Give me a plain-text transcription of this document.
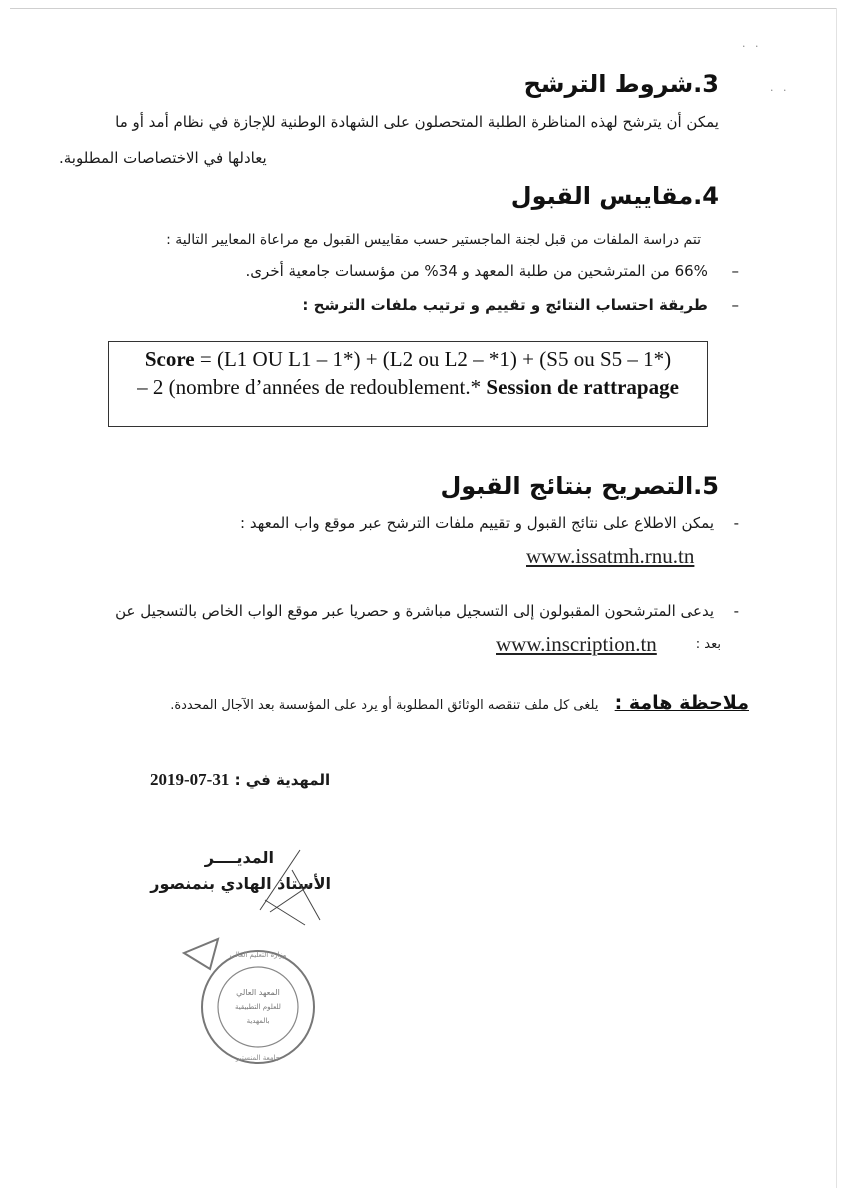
· ·
· ·
3.شروط الترشح
يمكن أن يترشح لهذه المناظرة الطلبة المتحصلون على الشهادة الوطنية للإجازة في نظام أمد أو ما
يعادلها في الاختصاصات المطلوبة.
4.مقاييس القبول
تتم دراسة الملفات من قبل لجنة الماجستير حسب مقاييس القبول مع مراعاة المعايير التالية :
–  66% من المترشحين من طلبة المعهد و 34% من مؤسسات جامعية أخرى.
–  طريقة احتساب النتائج و تقييم و ترتيب ملفات الترشح :
Score = (L1 OU L1 – 1*) + (L2 ou L2 – *1) + (S5 ou S5 – 1*)
– 2 (nombre d’années de redoublement.* Session de rattrapage
5.التصريح بنتائج القبول
-  يمكن الاطلاع على نتائج القبول و تقييم ملفات الترشح عبر موقع واب المعهد :
www.issatmh.rnu.tn
-  يدعى المترشحون المقبولون إلى التسجيل مباشرة و حصريا عبر موقع الواب الخاص بالتسجيل عن
بعد :
www.inscription.tn
ملاحظة هامة :  يلغى كل ملف تنقصه الوثائق المطلوبة أو يرد على المؤسسة بعد الآجال المحددة.
المهدية في : 2019-07-31
المديــــر
الأستاذ الهادي بنمنصور
المعهد العالي
للعلوم التطبيقية
بالمهدية
جامعة المنستير
وزارة التعليم العالي
